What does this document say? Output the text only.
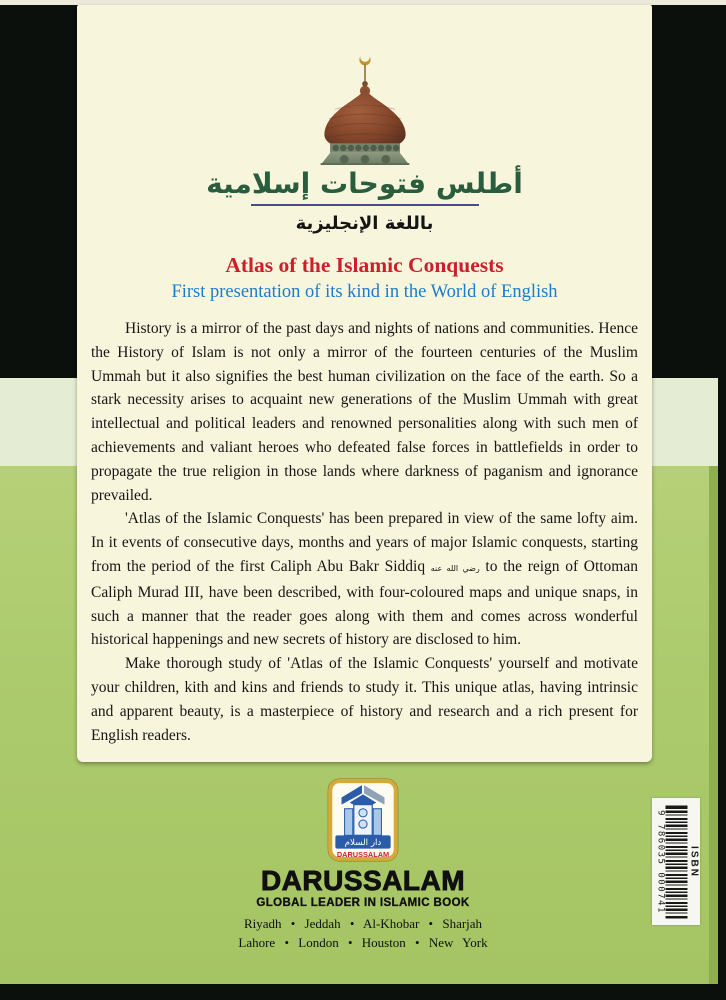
أطلس فتوحات إسلامية
باللغة الإنجليزية
Atlas of the Islamic Conquests
First presentation of its kind in the World of English

History is a mirror of the past days and nights of nations and communities. Hence the History of Islam is not only a mirror of the fourteen centuries of the Muslim Ummah but it also signifies the best human civilization on the face of the earth. So a stark necessity arises to acquaint new generations of the Muslim Ummah with great intellectual and political leaders and renowned personalities along with such men of achievements and valiant heroes who defeated false forces in battlefields in order to propagate the true religion in those lands where darkness of paganism and ignorance prevailed.

'Atlas of the Islamic Conquests' has been prepared in view of the same lofty aim. In it events of consecutive days, months and years of major Islamic conquests, starting from the period of the first Caliph Abu Bakr Siddiq رضي الله عنه to the reign of Ottoman Caliph Murad III, have been described, with four-coloured maps and unique snaps, in such a manner that the reader goes along with them and comes across wonderful historical happenings and new secrets of history are disclosed to him.

Make thorough study of 'Atlas of the Islamic Conquests' yourself and motivate your children, kith and kins and friends to study it. This unique atlas, having intrinsic and apparent beauty, is a masterpiece of history and research and a rich present for English readers.

دار السلام
DARUSSALAM
DARUSSALAM
GLOBAL LEADER IN ISLAMIC BOOK
Riyadh • Jeddah • Al-Khobar • Sharjah
Lahore • London • Houston • New York
ISBN
9 786035 000741
